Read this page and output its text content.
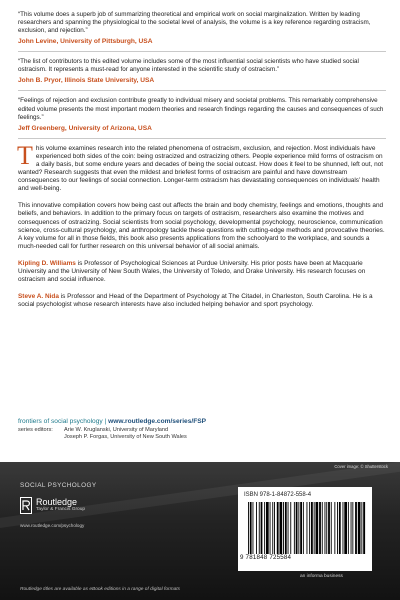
“This volume does a superb job of summarizing theoretical and empirical work on social marginalization. Written by leading researchers and spanning the physiological to the societal level of analysis, the volume is a key reference regarding ostracism, exclusion, and rejection.”

John Levine, University of Pittsburgh, USA

“The list of contributors to this edited volume includes some of the most influential social scientists who have studied social ostracism. It represents a must-read for anyone interested in the scientific study of ostracism.”

John B. Pryor, Illinois State University, USA

“Feelings of rejection and exclusion contribute greatly to individual misery and societal problems. This remarkably comprehensive edited volume presents the most important modern theories and research findings regarding the causes and consequences of such feelings.”

Jeff Greenberg, University of Arizona, USA

This volume examines research into the related phenomena of ostracism, exclusion, and rejection. Most individuals have experienced both sides of the coin: being ostracized and ostracizing others. People experience mild forms of ostracism on a daily basis, but some endure years and decades of being the social outcast. How does it feel to be shunned, left out, not wanted? Research suggests that even the mildest and briefest forms of ostracism are painful and have downstream consequences to our feelings of social connection. Longer-term ostracism has devastating consequences on individuals’ health and well-being.

This innovative compilation covers how being cast out affects the brain and body chemistry, feelings and emotions, thoughts and beliefs, and behaviors. In addition to the primary focus on targets of ostracism, researchers also examine the motives and consequences of ostracizing. Social scientists from social psychology, developmental psychology, neuroscience, communication science, cross-cultural psychology, and anthropology tackle these questions with cutting-edge methods and provocative theories. A key volume for all in those fields, this book also presents applications from the schoolyard to the workplace, and sounds a much-needed call for further research on this universal behavior of all social animals.

Kipling D. Williams is Professor of Psychological Sciences at Purdue University. His prior posts have been at Macquarie University and the University of New South Wales, the University of Toledo, and Drake University. His research focuses on ostracism and social influence.

Steve A. Nida is Professor and Head of the Department of Psychology at The Citadel, in Charleston, South Carolina. He is a social psychologist whose research interests have also included helping behavior and sport psychology.

frontiers of social psychology | www.routledge.com/series/FSP
series editors:	Arie W. Kruglanski, University of Maryland
Joseph P. Forgas, University of New South Wales
Cover image: © Shutterstock
SOCIAL PSYCHOLOGY
Routledge
Taylor & Francis Group
www.routledge.com/psychology
ISBN 978-1-84872-558-4
9 781848 725584
an informa business
Routledge titles are available as eBook editions in a range of digital formats
